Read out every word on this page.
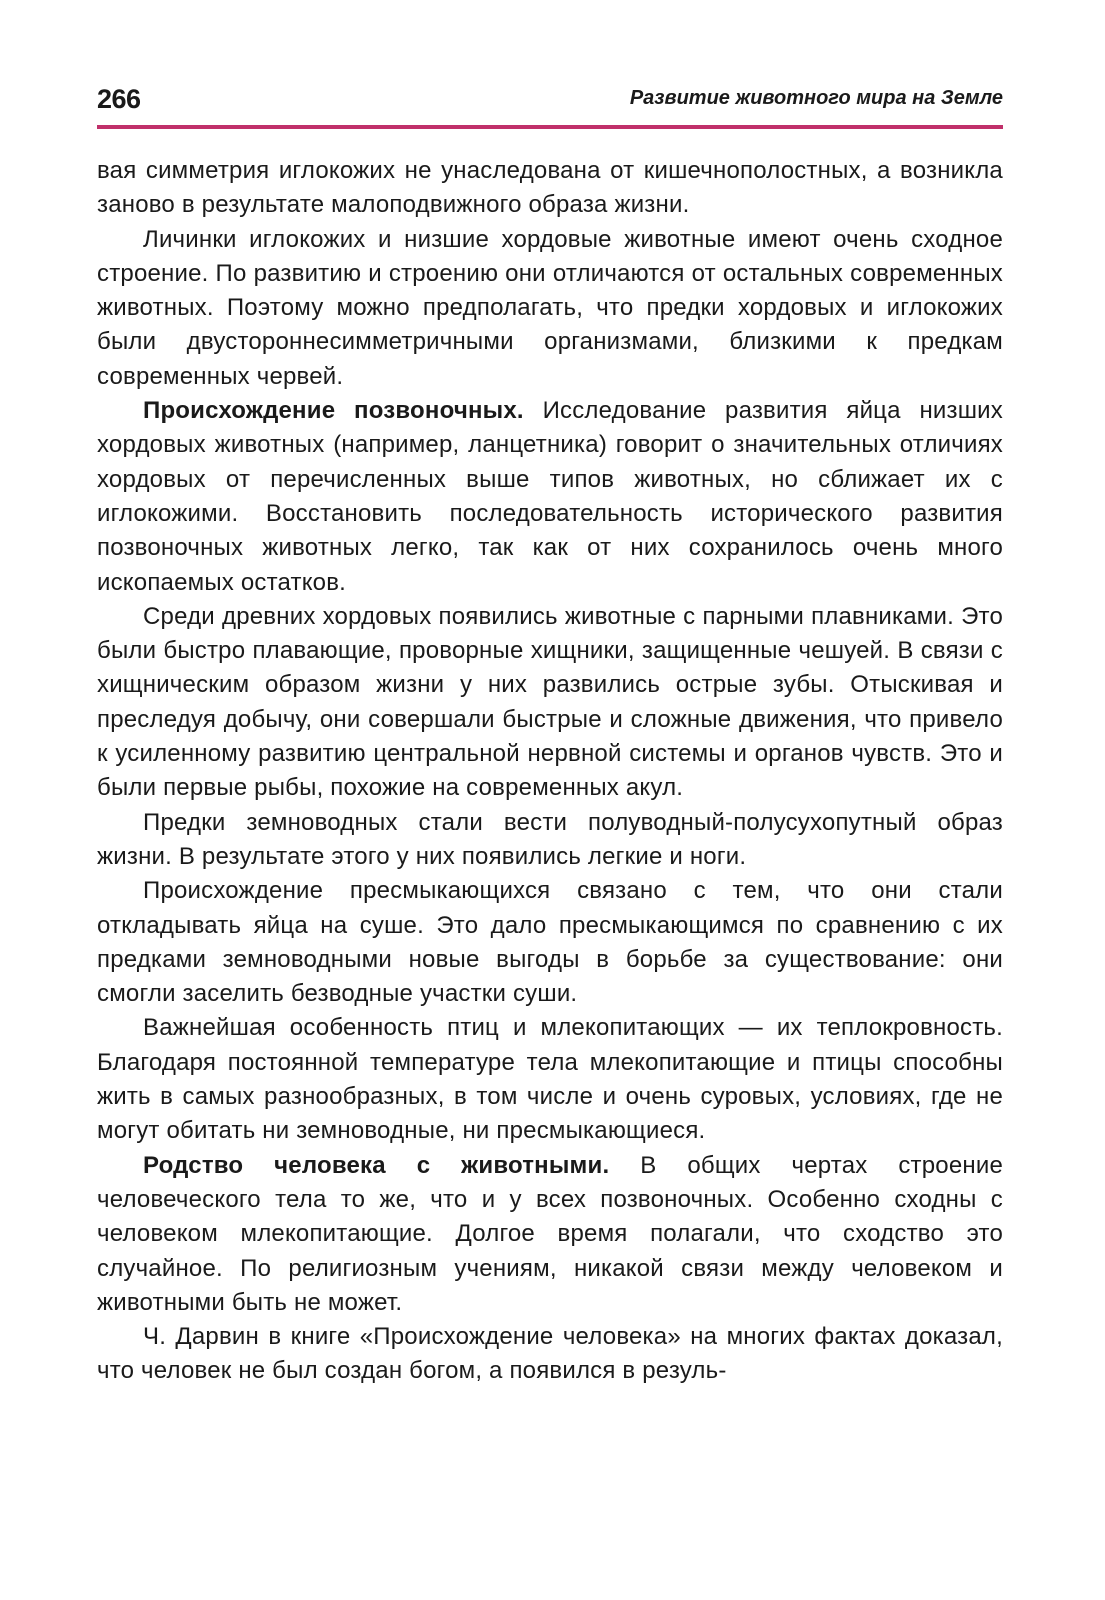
266	Развитие животного мира на Земле

вая симметрия иглокожих не унаследована от кишечнополостных, а возникла заново в результате малоподвижного образа жизни.

Личинки иглокожих и низшие хордовые животные имеют очень сходное строение. По развитию и строению они отличаются от остальных современных животных. Поэтому можно предполагать, что предки хордовых и иглокожих были двустороннесимметричными организмами, близкими к предкам современных червей.

Происхождение позвоночных. Исследование развития яйца низших хордовых животных (например, ланцетника) говорит о значительных отличиях хордовых от перечисленных выше типов животных, но сближает их с иглокожими. Восстановить последовательность исторического развития позвоночных животных легко, так как от них сохранилось очень много ископаемых остатков.

Среди древних хордовых появились животные с парными плавниками. Это были быстро плавающие, проворные хищники, защищенные чешуей. В связи с хищническим образом жизни у них развились острые зубы. Отыскивая и преследуя добычу, они совершали быстрые и сложные движения, что привело к усиленному развитию центральной нервной системы и органов чувств. Это и были первые рыбы, похожие на современных акул.

Предки земноводных стали вести полуводный-полусухопутный образ жизни. В результате этого у них появились легкие и ноги.

Происхождение пресмыкающихся связано с тем, что они стали откладывать яйца на суше. Это дало пресмыкающимся по сравнению с их предками земноводными новые выгоды в борьбе за существование: они смогли заселить безводные участки суши.

Важнейшая особенность птиц и млекопитающих — их теплокровность. Благодаря постоянной температуре тела млекопитающие и птицы способны жить в самых разнообразных, в том числе и очень суровых, условиях, где не могут обитать ни земноводные, ни пресмыкающиеся.

Родство человека с животными. В общих чертах строение человеческого тела то же, что и у всех позвоночных. Особенно сходны с человеком млекопитающие. Долгое время полагали, что сходство это случайное. По религиозным учениям, никакой связи между человеком и животными быть не может.

Ч. Дарвин в книге «Происхождение человека» на многих фактах доказал, что человек не был создан богом, а появился в резуль-
